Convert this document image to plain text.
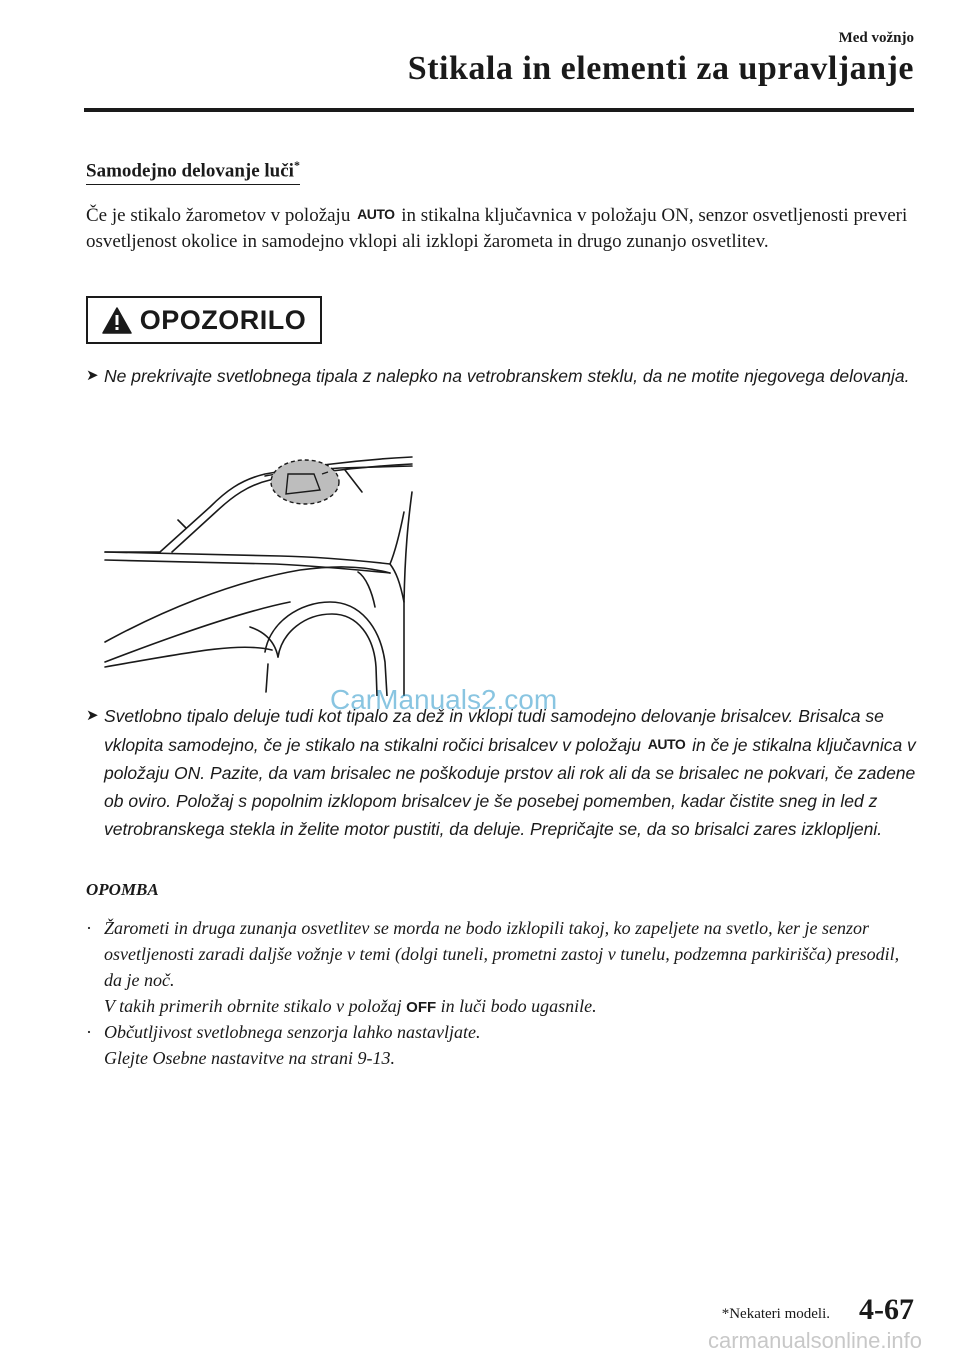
Med vožnjo
Stikala in elementi za upravljanje
Samodejno delovanje luči*
Če je stikalo žarometov v položaju AUTO in stikalna ključavnica v položaju ON, senzor osvetljenosti preveri osvetljenost okolice in samodejno vklopi ali izklopi žarometa in drugo zunanjo osvetlitev.
OPOZORILO
➤ Ne prekrivajte svetlobnega tipala z nalepko na vetrobranskem steklu, da ne motite njegovega delovanja.
CarManuals2.com
➤ Svetlobno tipalo deluje tudi kot tipalo za dež in vklopi tudi samodejno delovanje brisalcev. Brisalca se vklopita samodejno, če je stikalo na stikalni ročici brisalcev v položaju AUTO in če je stikalna ključavnica v položaju ON. Pazite, da vam brisalec ne poškoduje prstov ali rok ali da se brisalec ne pokvari, če zadene ob oviro. Položaj s popolnim izklopom brisalcev je še posebej pomemben, kadar čistite sneg in led z vetrobranskega stekla in želite motor pustiti, da deluje. Prepričajte se, da so brisalci zares izklopljeni.
OPOMBA
· Žarometi in druga zunanja osvetlitev se morda ne bodo izklopili takoj, ko zapeljete na svetlo, ker je senzor osvetljenosti zaradi daljše vožnje v temi (dolgi tuneli, prometni zastoj v tunelu, podzemna parkirišča) presodil, da je noč.
V takih primerih obrnite stikalo v položaj OFF in luči bodo ugasnile.
· Občutljivost svetlobnega senzorja lahko nastavljate.
Glejte Osebne nastavitve na strani 9-13.
*Nekateri modeli. 4-67
carmanualsonline.info
